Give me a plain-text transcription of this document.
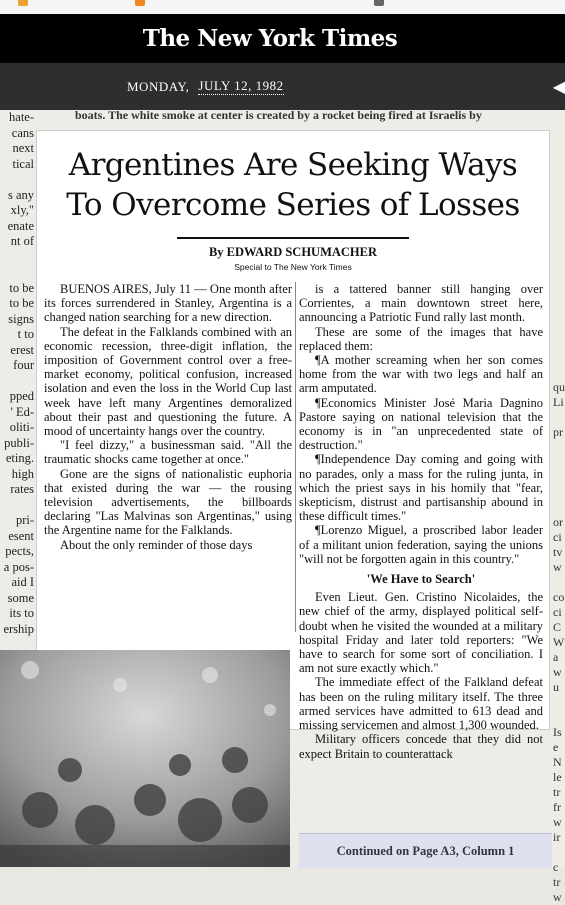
The New York Times
MONDAY, JULY 12, 1982	◀
boats. The white smoke at center is created by a rocket being fired at Israelis by
hate-
cans
next
tical

s any
xly,"
enate
nt of

to be
to be
signs
t to
erest
four

pped
' Ed-
oliti-
publi-
eting.
high
rates

pri-
esent
pects,
a pos-
aid I
some
its to
ership

qu
Li

pr

or
ci
tv
w

co
ci
C
W
a
w
u

Is
e
N
le
tr
fr
w
ir

c
tr
w
Argentines Are Seeking Ways
To Overcome Series of Losses
By EDWARD SCHUMACHER
Special to The New York Times

BUENOS AIRES, July 11 — One month after its forces surrendered in Stanley, Argentina is a changed nation searching for a new direction.

The defeat in the Falklands combined with an economic recession, three-digit inflation, the imposition of Government control over a free-market economy, political confusion, increased isolation and even the loss in the World Cup last week have left many Argentines demoralized about their past and questioning the future. A mood of uncertainty hangs over the country.

"I feel dizzy," a businessman said. "All the traumatic shocks came together at once."

Gone are the signs of nationalistic euphoria that existed during the war — the rousing television advertisements, the billboards declaring "Las Malvinas son Argentinas," using the Argentine name for the Falklands.

About the only reminder of those days

is a tattered banner still hanging over Corrientes, a main downtown street here, announcing a Patriotic Fund rally last month.

These are some of the images that have replaced them:

¶A mother screaming when her son comes home from the war with two legs and half an arm amputated.

¶Economics Minister José Maria Dagnino Pastore saying on national television that the economy is in "an unprecedented state of destruction."

¶Independence Day coming and going with no parades, only a mass for the ruling junta, in which the priest says in his homily that "fear, skepticism, distrust and partisanship abound in these difficult times."

¶Lorenzo Miguel, a proscribed labor leader of a militant union federation, saying the unions "will not be forgotten again in this country."

'We Have to Search'

Even Lieut. Gen. Cristino Nicolaides, the new chief of the army, displayed political self-doubt when he visited the wounded at a military hospital Friday and later told reporters: "We have to search for some sort of conciliation. I am not sure exactly which."

The immediate effect of the Falkland defeat has been on the ruling military itself. The three armed services have admitted to 613 dead and missing servicemen and almost 1,300 wounded.

Military officers concede that they did not expect Britain to counterattack

Continued on Page A3, Column 1
